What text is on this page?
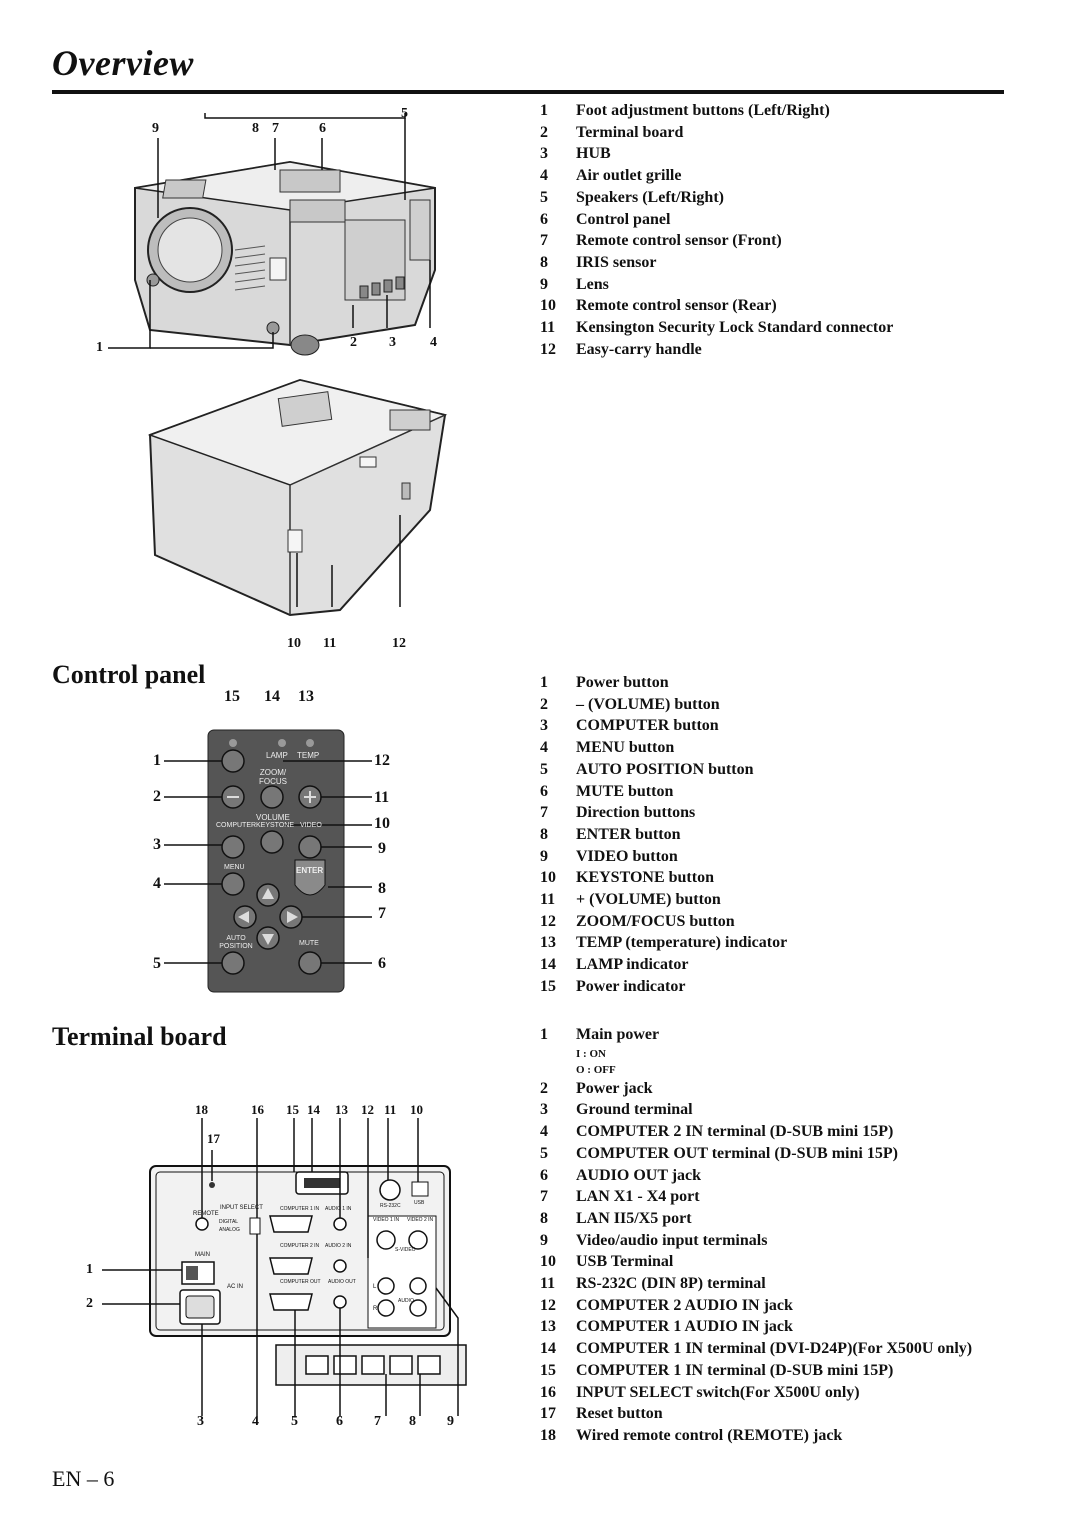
Overview
9	8 7	6
5
1	2 3 4
10 11	12
1	Foot adjustment buttons (Left/Right)
2	Terminal board
3	HUB
4	Air outlet grille
5	Speakers (Left/Right)
6	Control panel
7	Remote control sensor (Front)
8	IRIS sensor
9	Lens
10	Remote control sensor (Rear)
11	Kensington Security Lock Standard connector
12	Easy-carry handle
Control panel
LAMP TEMP
ZOOM/ FOCUS
VOLUME
COMPUTER KEYSTONE VIDEO
MENU	ENTER
AUTO POSITION	MUTE
15 14 13
1
2
3
4
5
12
11
10
9
8
7
6
1	Power button
2	– (VOLUME) button
3	COMPUTER button
4	MENU button
5	AUTO POSITION button
6	MUTE button
7	Direction buttons
8	ENTER button
9	VIDEO button
10	KEYSTONE button
11	+ (VOLUME) button
12	ZOOM/FOCUS button
13	TEMP (temperature) indicator
14	LAMP indicator
15	Power indicator
Terminal board
REMOTE
INPUT SELECT
DIGITAL
ANALOG
MAIN
AC IN
COMPUTER 1 IN AUDIO 1 IN
COMPUTER 2 IN AUDIO 2 IN
COMPUTER OUT AUDIO OUT
RS-232C	USB
VIDEO 1 IN VIDEO 2 IN
S-VIDEO
AUDIO
L
R
18	16 15 14 13 12 11 10
17
1
2
3	4 5	6 7 8 9
1	Main power
I : ON
O : OFF
2	Power jack
3	Ground terminal
4	COMPUTER 2 IN terminal (D-SUB mini 15P)
5	COMPUTER OUT terminal (D-SUB mini 15P)
6	AUDIO OUT jack
7	LAN X1 - X4 port
8	LAN II5/X5 port
9	Video/audio input terminals
10	USB Terminal
11	RS-232C (DIN 8P) terminal
12	COMPUTER 2 AUDIO IN jack
13	COMPUTER 1 AUDIO IN jack
14	COMPUTER 1 IN terminal (DVI-D24P)(For X500U only)
15	COMPUTER 1 IN terminal (D-SUB mini 15P)
16	INPUT SELECT switch(For X500U only)
17	Reset button
18	Wired remote control (REMOTE) jack
EN – 6
